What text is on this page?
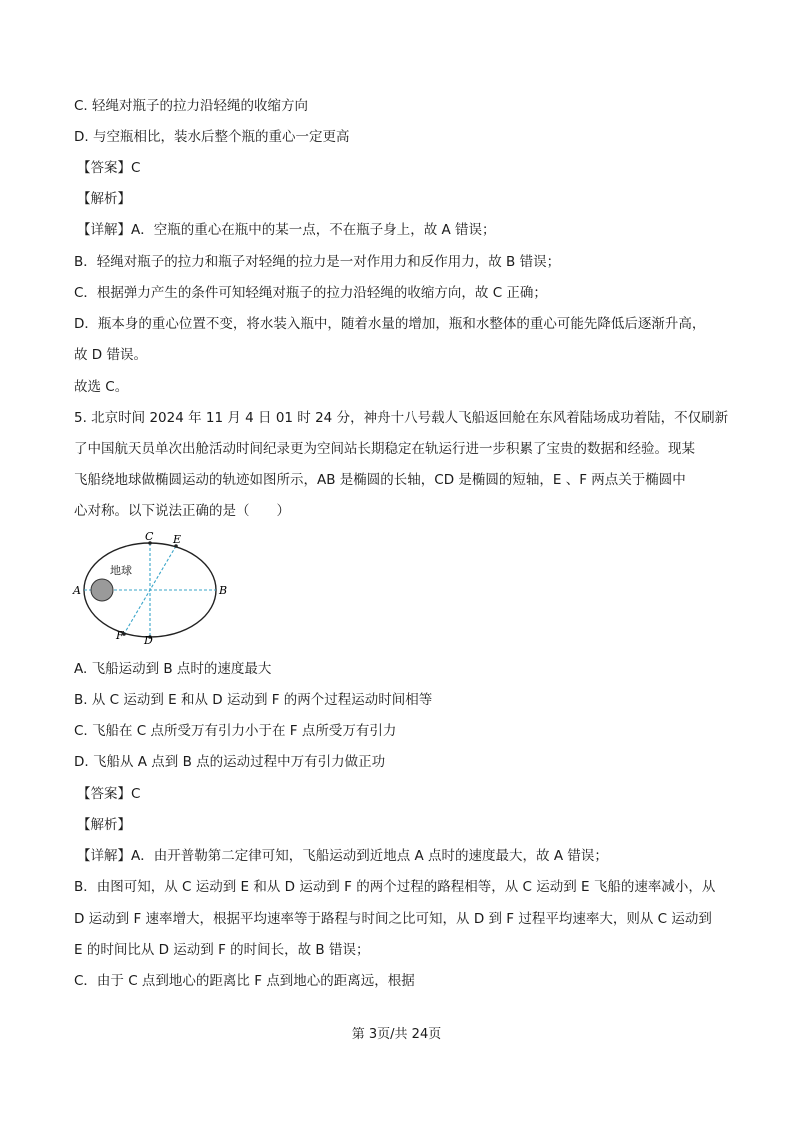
C. 轻绳对瓶子的拉力沿轻绳的收缩方向
D. 与空瓶相比，装水后整个瓶的重心一定更高
【答案】C
【解析】
【详解】A．空瓶的重心在瓶中的某一点，不在瓶子身上，故 A 错误；
B．轻绳对瓶子的拉力和瓶子对轻绳的拉力是一对作用力和反作用力，故 B 错误；
C．根据弹力产生的条件可知轻绳对瓶子的拉力沿轻绳的收缩方向，故 C 正确；
D．瓶本身的重心位置不变，将水装入瓶中，随着水量的增加，瓶和水整体的重心可能先降低后逐渐升高，
故 D 错误。
故选 C。
5. 北京时间 2024 年 11 月 4 日 01 时 24 分，神舟十八号载人飞船返回舱在东风着陆场成功着陆，不仅刷新
了中国航天员单次出舱活动时间纪录更为空间站长期稳定在轨运行进一步积累了宝贵的数据和经验。现某
飞船绕地球做椭圆运动的轨迹如图所示，AB 是椭圆的长轴，CD 是椭圆的短轴，E 、F 两点关于椭圆中
心对称。以下说法正确的是（　　）
地球
A	B
C E
F D
A. 飞船运动到 B 点时的速度最大
B. 从 C 运动到 E 和从 D 运动到 F 的两个过程运动时间相等
C. 飞船在 C 点所受万有引力小于在 F 点所受万有引力
D. 飞船从 A 点到 B 点的运动过程中万有引力做正功
【答案】C
【解析】
【详解】A．由开普勒第二定律可知，飞船运动到近地点 A 点时的速度最大，故 A 错误；
B．由图可知，从 C 运动到 E 和从 D 运动到 F 的两个过程的路程相等，从 C 运动到 E 飞船的速率减小，从
D 运动到 F 速率增大，根据平均速率等于路程与时间之比可知，从 D 到 F 过程平均速率大，则从 C 运动到
E 的时间比从 D 运动到 F 的时间长，故 B 错误；
C．由于 C 点到地心的距离比 F 点到地心的距离远，根据
第 3页/共 24页
